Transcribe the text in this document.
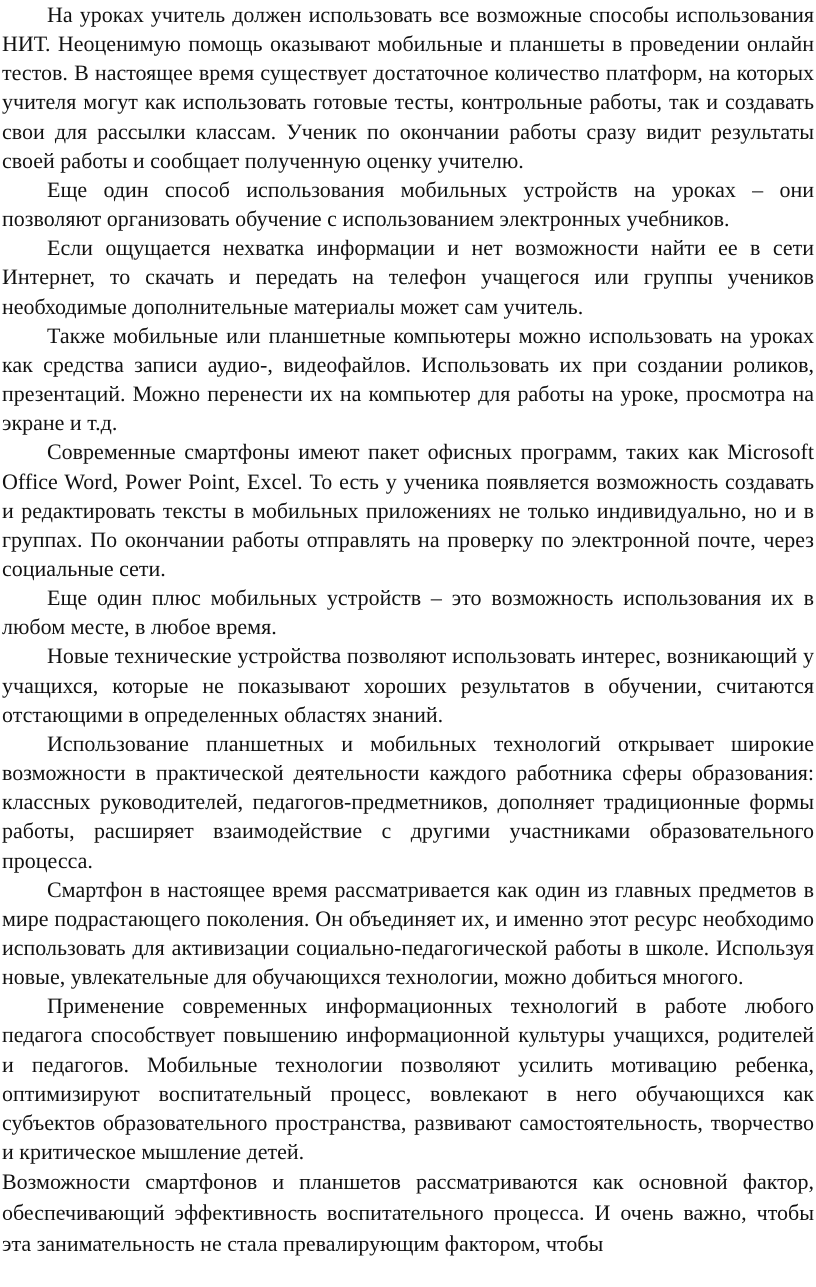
На уроках учитель должен использовать все возможные способы использования НИТ. Неоценимую помощь оказывают мобильные и планшеты в проведении онлайн тестов. В настоящее время существует достаточное количество платформ, на которых учителя могут как использовать готовые тесты, контрольные работы, так и создавать свои для рассылки классам. Ученик по окончании работы сразу видит результаты своей работы и сообщает полученную оценку учителю.

Еще один способ использования мобильных устройств на уроках – они позволяют организовать обучение с использованием электронных учебников.

Если ощущается нехватка информации и нет возможности найти ее в сети Интернет, то скачать и передать на телефон учащегося или группы учеников необходимые дополнительные материалы может сам учитель.

Также мобильные или планшетные компьютеры можно использовать на уроках как средства записи аудио-, видеофайлов. Использовать их при создании роликов, презентаций. Можно перенести их на компьютер для работы на уроке, просмотра на экране и т.д.

Современные смартфоны имеют пакет офисных программ, таких как Microsoft Office Word, Power Point, Excel. То есть у ученика появляется возможность создавать и редактировать тексты в мобильных приложениях не только индивидуально, но и в группах. По окончании работы отправлять на проверку по электронной почте, через социальные сети.

Еще один плюс мобильных устройств – это возможность использования их в любом месте, в любое время.

Новые технические устройства позволяют использовать интерес, возникающий у учащихся, которые не показывают хороших результатов в обучении, считаются отстающими в определенных областях знаний.

Использование планшетных и мобильных технологий открывает широкие возможности в практической деятельности каждого работника сферы образования: классных руководителей, педагогов-предметников, дополняет традиционные формы работы, расширяет взаимодействие с другими участниками образовательного процесса.

Смартфон в настоящее время рассматривается как один из главных предметов в мире подрастающего поколения. Он объединяет их, и именно этот ресурс необходимо использовать для активизации социально-педагогической работы в школе. Используя новые, увлекательные для обучающихся технологии, можно добиться многого.

Применение современных информационных технологий в работе любого педагога способствует повышению информационной культуры учащихся, родителей и педагогов. Мобильные технологии позволяют усилить мотивацию ребенка, оптимизируют воспитательный процесс, вовлекают в него обучающихся как субъектов образовательного пространства, развивают самостоятельность, творчество и критическое мышление детей.

Возможности смартфонов и планшетов рассматриваются как основной фактор, обеспечивающий эффективность воспитательного процесса. И очень важно, чтобы эта занимательность не стала превалирующим фактором, чтобы
